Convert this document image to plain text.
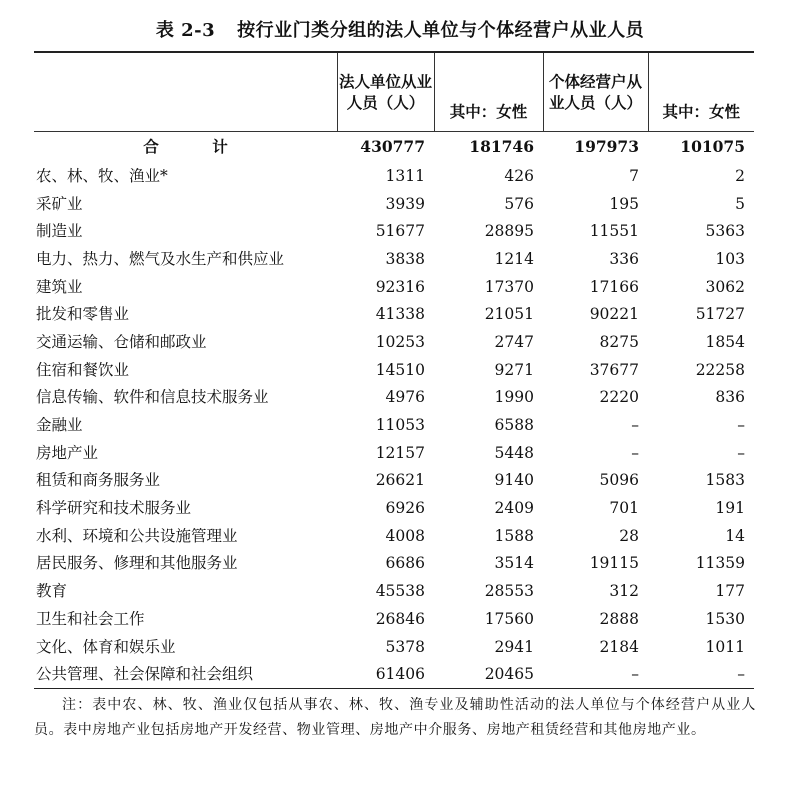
表 2-3 按行业门类分组的法人单位与个体经营户从业人员
	法人单位从业人员（人）		个体经营户从业人员（人）	
		其中：女性		其中：女性
合 计	430777	181746	197973	101075
农、林、牧、渔业*	1311	426	7	2
采矿业	3939	576	195	5
制造业	51677	28895	11551	5363
电力、热力、燃气及水生产和供应业	3838	1214	336	103
建筑业	92316	17370	17166	3062
批发和零售业	41338	21051	90221	51727
交通运输、仓储和邮政业	10253	2747	8275	1854
住宿和餐饮业	14510	9271	37677	22258
信息传输、软件和信息技术服务业	4976	1990	2220	836
金融业	11053	6588	–	–
房地产业	12157	5448	–	–
租赁和商务服务业	26621	9140	5096	1583
科学研究和技术服务业	6926	2409	701	191
水利、环境和公共设施管理业	4008	1588	28	14
居民服务、修理和其他服务业	6686	3514	19115	11359
教育	45538	28553	312	177
卫生和社会工作	26846	17560	2888	1530
文化、体育和娱乐业	5378	2941	2184	1011
公共管理、社会保障和社会组织	61406	20465	–	–
注：表中农、林、牧、渔业仅包括从事农、林、牧、渔专业及辅助性活动的法人单位与个体经营户从业人员。表中房地产业包括房地产开发经营、物业管理、房地产中介服务、房地产租赁经营和其他房地产业。
